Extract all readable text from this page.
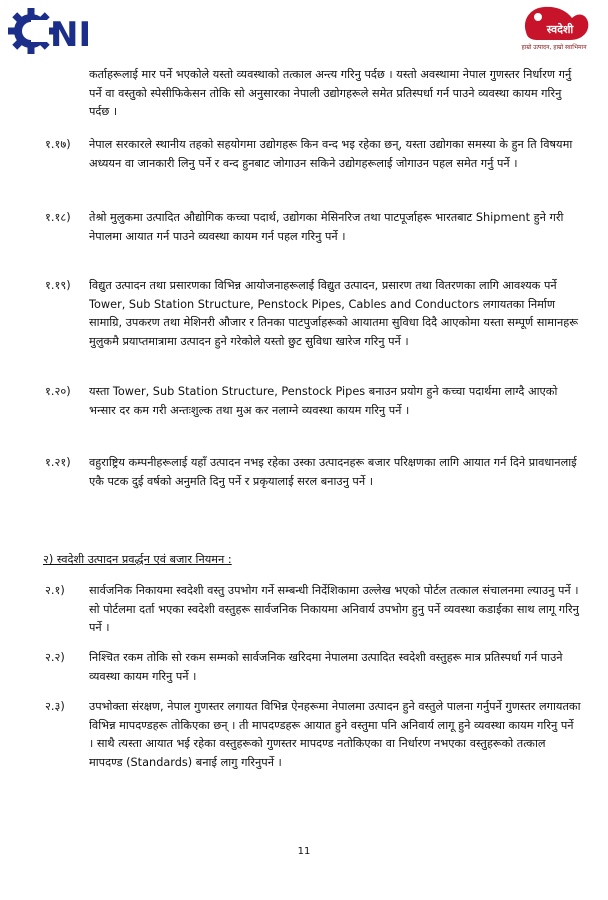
NI	स्वदेशी
हाम्रो उत्पादन, हाम्रो स्वाभिमान
कर्ताहरूलाई मार पर्ने भएकोले यस्तो व्यवस्थाको तत्काल अन्त्य गरिनु पर्दछ । यस्तो अवस्थामा नेपाल गुणस्तर निर्धारण गर्नु पर्ने वा वस्तुको स्पेसीफिकेसन तोकि सो अनुसारका नेपाली उद्योगहरूले समेत प्रतिस्पर्धा गर्न पाउने व्यवस्था कायम गरिनु पर्दछ ।
१.१७)	नेपाल सरकारले स्थानीय तहको सहयोगमा उद्योगहरू किन वन्द भइ रहेका छन्, यस्ता उद्योगका समस्या के हुन ति विषयमा अध्ययन वा जानकारी लिनु पर्ने र वन्द हुनबाट जोगाउन सकिने उद्योगहरूलाई जोगाउन पहल समेत गर्नु पर्ने ।
१.१८)	तेश्रो मुलुकमा उत्पादित औद्योगिक कच्चा पदार्थ, उद्योगका मेसिनरिज तथा पाटपूर्जाहरू भारतबाट Shipment हुने गरी नेपालमा आयात गर्न पाउने व्यवस्था कायम गर्न पहल गरिनु पर्ने ।
१.१९)	विद्युत उत्पादन तथा प्रसारणका विभिन्न आयोजनाहरूलाई विद्युत उत्पादन, प्रसारण तथा वितरणका लागि आवश्यक पर्ने Tower, Sub Station Structure, Penstock Pipes, Cables and Conductors लगायतका निर्माण सामाग्रि, उपकरण तथा मेशिनरी औजार र तिनका पाटपुर्जाहरूको आयातमा सुविधा दिदै आएकोमा यस्ता सम्पूर्ण सामानहरू मुलुकमै प्रयाप्तमात्रामा उत्पादन हुने गरेकोले यस्तो छुट सुविधा खारेज गरिनु पर्ने ।
१.२०)	यस्ता Tower, Sub Station Structure, Penstock Pipes बनाउन प्रयोग हुने कच्चा पदार्थमा लाग्दै आएको भन्सार दर कम गरी अन्तःशुल्क तथा मुअ कर नलाग्ने व्यवस्था कायम गरिनु पर्ने ।
१.२१)	वहुराष्ट्रिय कम्पनीहरूलाई यहाँ उत्पादन नभइ रहेका उस्का उत्पादनहरू बजार परिक्षणका लागि आयात गर्न दिने प्रावधानलाई एकै पटक दुई वर्षको अनुमति दिनु पर्ने र प्रकृयालाई सरल बनाउनु पर्ने ।
२) स्वदेशी उत्पादन प्रवर्द्धन एवं बजार नियमन :
२.१)	सार्वजनिक निकायमा स्वदेशी वस्तु उपभोग गर्ने सम्बन्धी निर्देशिकामा उल्लेख भएको पोर्टल तत्काल संचालनमा ल्याउनु पर्ने । सो पोर्टलमा दर्ता भएका स्वदेशी वस्तुहरू सार्वजनिक निकायमा अनिवार्य उपभोग हुनु पर्ने व्यवस्था कडाईका साथ लागू गरिनु पर्ने ।
२.२)	निश्चित रकम तोकि सो रकम सम्मको सार्वजनिक खरिदमा नेपालमा उत्पादित स्वदेशी वस्तुहरू मात्र प्रतिस्पर्धा गर्न पाउने व्यवस्था कायम गरिनु पर्ने ।
२.३)	उपभोक्ता संरक्षण, नेपाल गुणस्तर लगायत विभिन्न ऐनहरूमा नेपालमा उत्पादन हुने वस्तुले पालना गर्नुपर्ने गुणस्तर लगायतका विभिन्न मापदण्डहरू तोकिएका छन् । ती मापदण्डहरू आयात हुने वस्तुमा पनि अनिवार्य लागू हुने व्यवस्था कायम गरिनु पर्ने । साथै त्यस्ता आयात भई रहेका वस्तुहरूको गुणस्तर मापदण्ड नतोकिएका वा निर्धारण नभएका वस्तुहरूको तत्काल मापदण्ड (Standards) बनाई लागु गरिनुपर्ने ।
11
